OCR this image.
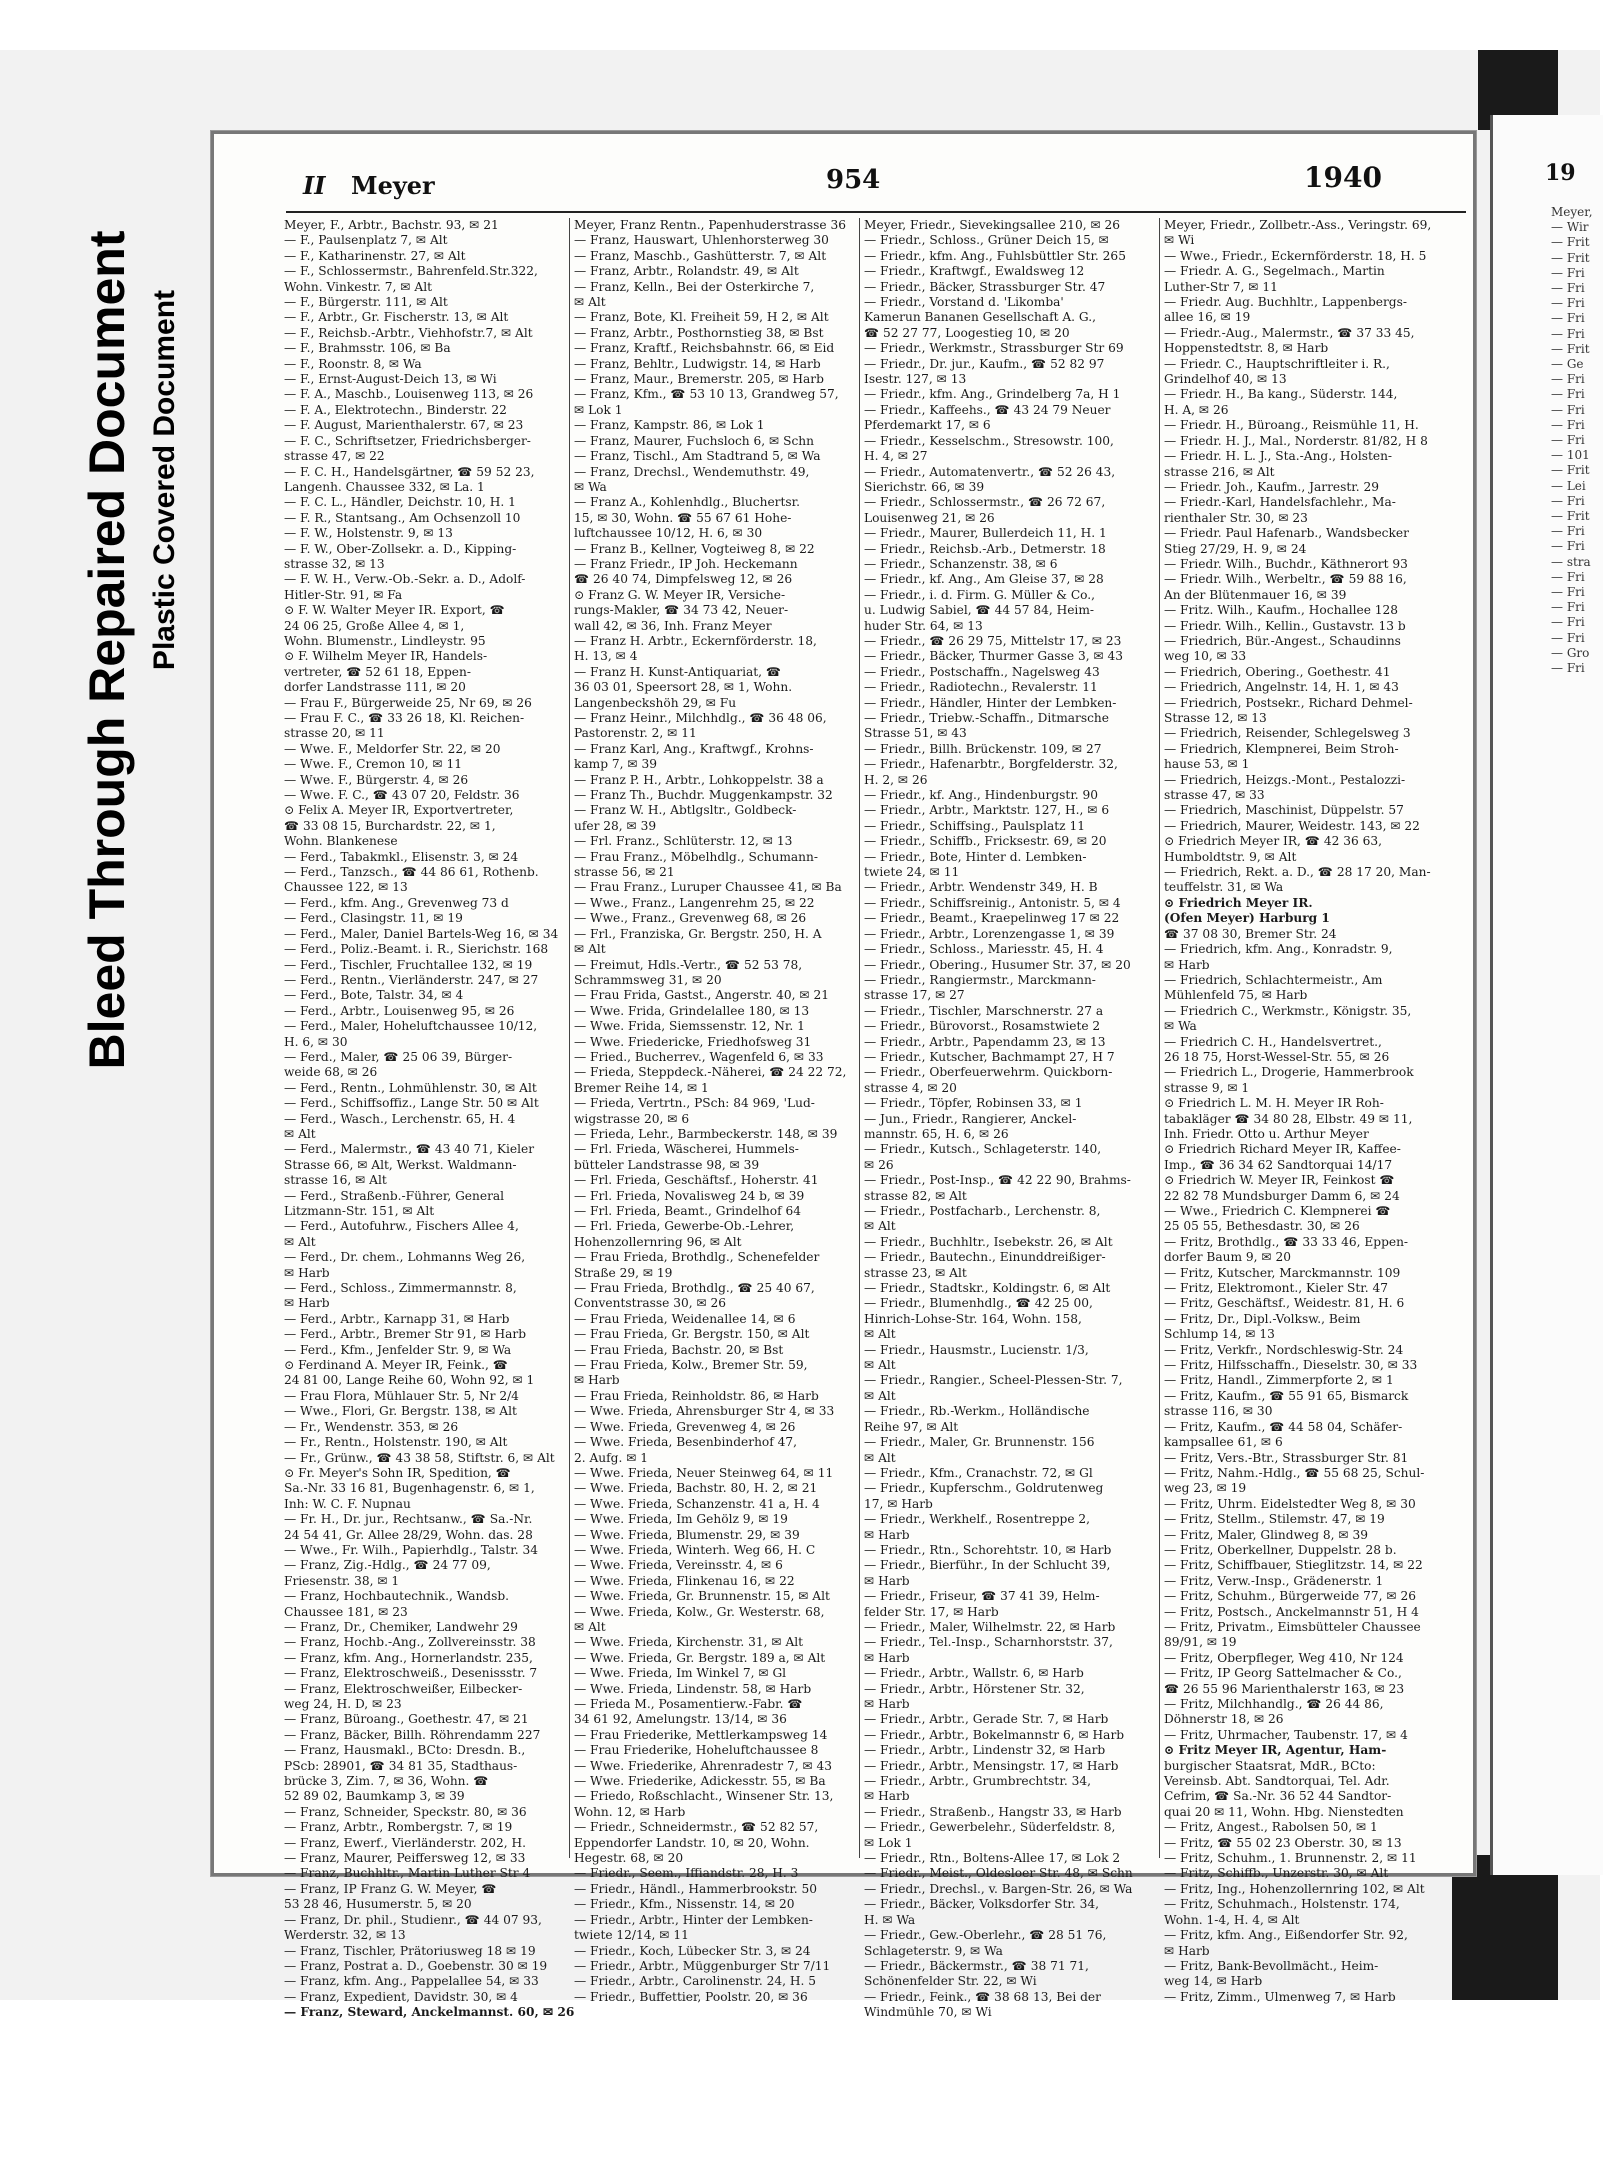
19
Meyer,
— Wir
— Frit
— Frit
— Fri
— Fri
— Fri
— Fri
— Fri
— Frit
— Ge
— Fri
— Fri
— Fri
— Fri
— Fri
— 101
— Frit
— Lei
— Fri
— Frit
— Fri
— Fri
— stra
— Fri
— Fri
— Fri
— Fri
— Fri
— Gro
— Fri
Bleed Through Repaired Document Plastic Covered Document
II Meyer	954	1940

Meyer, F., Arbtr., Bachstr. 93, ✉ 21

— F., Paulsenplatz 7, ✉ Alt

— F., Katharinenstr. 27, ✉ Alt

— F., Schlossermstr., Bahrenfeld.Str.322,

Wohn. Vinkestr. 7, ✉ Alt

— F., Bürgerstr. 111, ✉ Alt

— F., Arbtr., Gr. Fischerstr. 13, ✉ Alt

— F., Reichsb.-Arbtr., Viehhofstr.7, ✉ Alt

— F., Brahmsstr. 106, ✉ Ba

— F., Roonstr. 8, ✉ Wa

— F., Ernst-August-Deich 13, ✉ Wi

— F. A., Maschb., Louisenweg 113, ✉ 26

— F. A., Elektrotechn., Binderstr. 22

— F. August, Marienthalerstr. 67, ✉ 23

— F. C., Schriftsetzer, Friedrichsberger-

strasse 47, ✉ 22

— F. C. H., Handelsgärtner, ☎ 59 52 23,

Langenh. Chaussee 332, ✉ La. 1

— F. C. L., Händler, Deichstr. 10, H. 1

— F. R., Stantsang., Am Ochsenzoll 10

— F. W., Holstenstr. 9, ✉ 13

— F. W., Ober-Zollsekr. a. D., Kipping-

strasse 32, ✉ 13

— F. W. H., Verw.-Ob.-Sekr. a. D., Adolf-

Hitler-Str. 91, ✉ Fa

⊙ F. W. Walter Meyer IR. Export, ☎

24 06 25, Große Allee 4, ✉ 1,

Wohn. Blumenstr., Lindleystr. 95

⊙ F. Wilhelm Meyer IR, Handels-

vertreter, ☎ 52 61 18, Eppen-

dorfer Landstrasse 111, ✉ 20

— Frau F., Bürgerweide 25, Nr 69, ✉ 26

— Frau F. C., ☎ 33 26 18, Kl. Reichen-

strasse 20, ✉ 11

— Wwe. F., Meldorfer Str. 22, ✉ 20

— Wwe. F., Cremon 10, ✉ 11

— Wwe. F., Bürgerstr. 4, ✉ 26

— Wwe. F. C., ☎ 43 07 20, Feldstr. 36

⊙ Felix A. Meyer IR, Exportvertreter,

☎ 33 08 15, Burchardstr. 22, ✉ 1,

Wohn. Blankenese

— Ferd., Tabakmkl., Elisenstr. 3, ✉ 24

— Ferd., Tanzsch., ☎ 44 86 61, Rothenb.

Chaussee 122, ✉ 13

— Ferd., kfm. Ang., Grevenweg 73 d

— Ferd., Clasingstr. 11, ✉ 19

— Ferd., Maler, Daniel Bartels-Weg 16, ✉ 34

— Ferd., Poliz.-Beamt. i. R., Sierichstr. 168

— Ferd., Tischler, Fruchtallee 132, ✉ 19

— Ferd., Rentn., Vierländerstr. 247, ✉ 27

— Ferd., Bote, Talstr. 34, ✉ 4

— Ferd., Arbtr., Louisenweg 95, ✉ 26

— Ferd., Maler, Hoheluftchaussee 10/12,

H. 6, ✉ 30

— Ferd., Maler, ☎ 25 06 39, Bürger-

weide 68, ✉ 26

— Ferd., Rentn., Lohmühlenstr. 30, ✉ Alt

— Ferd., Schiffsoffiz., Lange Str. 50 ✉ Alt

— Ferd., Wasch., Lerchenstr. 65, H. 4

✉ Alt

— Ferd., Malermstr., ☎ 43 40 71, Kieler

Strasse 66, ✉ Alt, Werkst. Waldmann-

strasse 16, ✉ Alt

— Ferd., Straßenb.-Führer, General

Litzmann-Str. 151, ✉ Alt

— Ferd., Autofuhrw., Fischers Allee 4,

✉ Alt

— Ferd., Dr. chem., Lohmanns Weg 26,

✉ Harb

— Ferd., Schloss., Zimmermannstr. 8,

✉ Harb

— Ferd., Arbtr., Karnapp 31, ✉ Harb

— Ferd., Arbtr., Bremer Str 91, ✉ Harb

— Ferd., Kfm., Jenfelder Str. 9, ✉ Wa

⊙ Ferdinand A. Meyer IR, Feink., ☎

24 81 00, Lange Reihe 60, Wohn 92, ✉ 1

— Frau Flora, Mühlauer Str. 5, Nr 2/4

— Wwe., Flori, Gr. Bergstr. 138, ✉ Alt

— Fr., Wendenstr. 353, ✉ 26

— Fr., Rentn., Holstenstr. 190, ✉ Alt

— Fr., Grünw., ☎ 43 38 58, Stiftstr. 6, ✉ Alt

⊙ Fr. Meyer's Sohn IR, Spedition, ☎

Sa.-Nr. 33 16 81, Bugenhagenstr. 6, ✉ 1,

Inh: W. C. F. Nupnau

— Fr. H., Dr. jur., Rechtsanw., ☎ Sa.-Nr.

24 54 41, Gr. Allee 28/29, Wohn. das. 28

— Wwe., Fr. Wilh., Papierhdlg., Talstr. 34

— Franz, Zig.-Hdlg., ☎ 24 77 09,

Friesenstr. 38, ✉ 1

— Franz, Hochbautechnik., Wandsb.

Chaussee 181, ✉ 23

— Franz, Dr., Chemiker, Landwehr 29

— Franz, Hochb.-Ang., Zollvereinsstr. 38

— Franz, kfm. Ang., Hornerlandstr. 235,

— Franz, Elektroschweiß., Desenissstr. 7

— Franz, Elektroschweißer, Eilbecker-

weg 24, H. D, ✉ 23

— Franz, Büroang., Goethestr. 47, ✉ 21

— Franz, Bäcker, Billh. Röhrendamm 227

— Franz, Hausmakl., BCto: Dresdn. B.,

PScb: 28901, ☎ 34 81 35, Stadthaus-

brücke 3, Zim. 7, ✉ 36, Wohn. ☎

52 89 02, Baumkamp 3, ✉ 39

— Franz, Schneider, Speckstr. 80, ✉ 36

— Franz, Arbtr., Rombergstr. 7, ✉ 19

— Franz, Ewerf., Vierländerstr. 202, H.

— Franz, Maurer, Peiffersweg 12, ✉ 33

— Franz, Buchhltr., Martin Luther Str 4

— Franz, IP Franz G. W. Meyer, ☎

53 28 46, Husumerstr. 5, ✉ 20

— Franz, Dr. phil., Studienr., ☎ 44 07 93,

Werderstr. 32, ✉ 13

— Franz, Tischler, Prätoriusweg 18 ✉ 19

— Franz, Postrat a. D., Goebenstr. 30 ✉ 19

— Franz, kfm. Ang., Pappelallee 54, ✉ 33

— Franz, Expedient, Davidstr. 30, ✉ 4

— Franz, Steward, Anckelmannst. 60, ✉ 26

Meyer, Franz Rentn., Papenhuderstrasse 36

— Franz, Hauswart, Uhlenhorsterweg 30

— Franz, Maschb., Gashütterstr. 7, ✉ Alt

— Franz, Arbtr., Rolandstr. 49, ✉ Alt

— Franz, Kelln., Bei der Osterkirche 7,

✉ Alt

— Franz, Bote, Kl. Freiheit 59, H 2, ✉ Alt

— Franz, Arbtr., Posthornstieg 38, ✉ Bst

— Franz, Kraftf., Reichsbahnstr. 66, ✉ Eid

— Franz, Behltr., Ludwigstr. 14, ✉ Harb

— Franz, Maur., Bremerstr. 205, ✉ Harb

— Franz, Kfm., ☎ 53 10 13, Grandweg 57,

✉ Lok 1

— Franz, Kampstr. 86, ✉ Lok 1

— Franz, Maurer, Fuchsloch 6, ✉ Schn

— Franz, Tischl., Am Stadtrand 5, ✉ Wa

— Franz, Drechsl., Wendemuthstr. 49,

✉ Wa

— Franz A., Kohlenhdlg., Bluchertsr.

15, ✉ 30, Wohn. ☎ 55 67 61 Hohe-

luftchaussee 10/12, H. 6, ✉ 30

— Franz B., Kellner, Vogteiweg 8, ✉ 22

— Franz Friedr., IP Joh. Heckemann

☎ 26 40 74, Dimpfelsweg 12, ✉ 26

⊙ Franz G. W. Meyer IR, Versiche-

rungs-Makler, ☎ 34 73 42, Neuer-

wall 42, ✉ 36, Inh. Franz Meyer

— Franz H. Arbtr., Eckernförderstr. 18,

H. 13, ✉ 4

— Franz H. Kunst-Antiquariat, ☎

36 03 01, Speersort 28, ✉ 1, Wohn.

Langenbeckshöh 29, ✉ Fu

— Franz Heinr., Milchhdlg., ☎ 36 48 06,

Pastorenstr. 2, ✉ 11

— Franz Karl, Ang., Kraftwgf., Krohns-

kamp 7, ✉ 39

— Franz P. H., Arbtr., Lohkoppelstr. 38 a

— Franz Th., Buchdr. Muggenkampstr. 32

— Franz W. H., Abtlgsltr., Goldbeck-

ufer 28, ✉ 39

— Frl. Franz., Schlüterstr. 12, ✉ 13

— Frau Franz., Möbelhdlg., Schumann-

strasse 56, ✉ 21

— Frau Franz., Luruper Chaussee 41, ✉ Ba

— Wwe., Franz., Langenrehm 25, ✉ 22

— Wwe., Franz., Grevenweg 68, ✉ 26

— Frl., Franziska, Gr. Bergstr. 250, H. A

✉ Alt

— Freimut, Hdls.-Vertr., ☎ 52 53 78,

Schrammsweg 31, ✉ 20

— Frau Frida, Gastst., Angerstr. 40, ✉ 21

— Wwe. Frida, Grindelallee 180, ✉ 13

— Wwe. Frida, Siemssenstr. 12, Nr. 1

— Wwe. Friedericke, Friedhofsweg 31

— Fried., Bucherrev., Wagenfeld 6, ✉ 33

— Frieda, Steppdeck.-Näherei, ☎ 24 22 72,

Bremer Reihe 14, ✉ 1

— Frieda, Vertrtn., PSch: 84 969, 'Lud-

wigstrasse 20, ✉ 6

— Frieda, Lehr., Barmbeckerstr. 148, ✉ 39

— Frl. Frieda, Wäscherei, Hummels-

bütteler Landstrasse 98, ✉ 39

— Frl. Frieda, Geschäftsf., Hoherstr. 41

— Frl. Frieda, Novalisweg 24 b, ✉ 39

— Frl. Frieda, Beamt., Grindelhof 64

— Frl. Frieda, Gewerbe-Ob.-Lehrer,

Hohenzollernring 96, ✉ Alt

— Frau Frieda, Brothdlg., Schenefelder

Straße 29, ✉ 19

— Frau Frieda, Brothdlg., ☎ 25 40 67,

Conventstrasse 30, ✉ 26

— Frau Frieda, Weidenallee 14, ✉ 6

— Frau Frieda, Gr. Bergstr. 150, ✉ Alt

— Frau Frieda, Bachstr. 20, ✉ Bst

— Frau Frieda, Kolw., Bremer Str. 59,

✉ Harb

— Frau Frieda, Reinholdstr. 86, ✉ Harb

— Wwe. Frieda, Ahrensburger Str 4, ✉ 33

— Wwe. Frieda, Grevenweg 4, ✉ 26

— Wwe. Frieda, Besenbinderhof 47,

2. Aufg. ✉ 1

— Wwe. Frieda, Neuer Steinweg 64, ✉ 11

— Wwe. Frieda, Bachstr. 80, H. 2, ✉ 21

— Wwe. Frieda, Schanzenstr. 41 a, H. 4

— Wwe. Frieda, Im Gehölz 9, ✉ 19

— Wwe. Frieda, Blumenstr. 29, ✉ 39

— Wwe. Frieda, Winterh. Weg 66, H. C

— Wwe. Frieda, Vereinsstr. 4, ✉ 6

— Wwe. Frieda, Flinkenau 16, ✉ 22

— Wwe. Frieda, Gr. Brunnenstr. 15, ✉ Alt

— Wwe. Frieda, Kolw., Gr. Westerstr. 68,

✉ Alt

— Wwe. Frieda, Kirchenstr. 31, ✉ Alt

— Wwe. Frieda, Gr. Bergstr. 189 a, ✉ Alt

— Wwe. Frieda, Im Winkel 7, ✉ Gl

— Wwe. Frieda, Lindenstr. 58, ✉ Harb

— Frieda M., Posamentierw.-Fabr. ☎

34 61 92, Amelungstr. 13/14, ✉ 36

— Frau Friederike, Mettlerkampsweg 14

— Frau Friederike, Hoheluftchaussee 8

— Wwe. Friederike, Ahrenradestr 7, ✉ 43

— Wwe. Friederike, Adickesstr. 55, ✉ Ba

— Friedo, Roßschlacht., Winsener Str. 13,

Wohn. 12, ✉ Harb

— Friedr., Schneidermstr., ☎ 52 82 57,

Eppendorfer Landstr. 10, ✉ 20, Wohn.

Hegestr. 68, ✉ 20

— Friedr., Seem., Iffiandstr. 28, H. 3

— Friedr., Händl., Hammerbrookstr. 50

— Friedr., Kfm., Nissenstr. 14, ✉ 20

— Friedr., Arbtr., Hinter der Lembken-

twiete 12/14, ✉ 11

— Friedr., Koch, Lübecker Str. 3, ✉ 24

— Friedr., Arbtr., Müggenburger Str 7/11

— Friedr., Arbtr., Carolinenstr. 24, H. 5

— Friedr., Buffettier, Poolstr. 20, ✉ 36

Meyer, Friedr., Sievekingsallee 210, ✉ 26

— Friedr., Schloss., Grüner Deich 15, ✉

— Friedr., kfm. Ang., Fuhlsbüttler Str. 265

— Friedr., Kraftwgf., Ewaldsweg 12

— Friedr., Bäcker, Strassburger Str. 47

— Friedr., Vorstand d. 'Likomba'

Kamerun Bananen Gesellschaft A. G.,

☎ 52 27 77, Loogestieg 10, ✉ 20

— Friedr., Werkmstr., Strassburger Str 69

— Friedr., Dr. jur., Kaufm., ☎ 52 82 97

Isestr. 127, ✉ 13

— Friedr., kfm. Ang., Grindelberg 7a, H 1

— Friedr., Kaffeehs., ☎ 43 24 79 Neuer

Pferdemarkt 17, ✉ 6

— Friedr., Kesselschm., Stresowstr. 100,

H. 4, ✉ 27

— Friedr., Automatenvertr., ☎ 52 26 43,

Sierichstr. 66, ✉ 39

— Friedr., Schlossermstr., ☎ 26 72 67,

Louisenweg 21, ✉ 26

— Friedr., Maurer, Bullerdeich 11, H. 1

— Friedr., Reichsb.-Arb., Detmerstr. 18

— Friedr., Schanzenstr. 38, ✉ 6

— Friedr., kf. Ang., Am Gleise 37, ✉ 28

— Friedr., i. d. Firm. G. Müller & Co.,

u. Ludwig Sabiel, ☎ 44 57 84, Heim-

huder Str. 64, ✉ 13

— Friedr., ☎ 26 29 75, Mittelstr 17, ✉ 23

— Friedr., Bäcker, Thurmer Gasse 3, ✉ 43

— Friedr., Postschaffn., Nagelsweg 43

— Friedr., Radiotechn., Revalerstr. 11

— Friedr., Händler, Hinter der Lembken-

— Friedr., Triebw.-Schaffn., Ditmarsche

Strasse 51, ✉ 43

— Friedr., Billh. Brückenstr. 109, ✉ 27

— Friedr., Hafenarbtr., Borgfelderstr. 32,

H. 2, ✉ 26

— Friedr., kf. Ang., Hindenburgstr. 90

— Friedr., Arbtr., Marktstr. 127, H., ✉ 6

— Friedr., Schiffsing., Paulsplatz 11

— Friedr., Schiffb., Fricksestr. 69, ✉ 20

— Friedr., Bote, Hinter d. Lembken-

twiete 24, ✉ 11

— Friedr., Arbtr. Wendenstr 349, H. B

— Friedr., Schiffsreinig., Antonistr. 5, ✉ 4

— Friedr., Beamt., Kraepelinweg 17 ✉ 22

— Friedr., Arbtr., Lorenzengasse 1, ✉ 39

— Friedr., Schloss., Mariesstr. 45, H. 4

— Friedr., Obering., Husumer Str. 37, ✉ 20

— Friedr., Rangiermstr., Marckmann-

strasse 17, ✉ 27

— Friedr., Tischler, Marschnerstr. 27 a

— Friedr., Bürovorst., Rosamstwiete 2

— Friedr., Arbtr., Papendamm 23, ✉ 13

— Friedr., Kutscher, Bachmampt 27, H 7

— Friedr., Oberfeuerwehrm. Quickborn-

strasse 4, ✉ 20

— Friedr., Töpfer, Robinsen 33, ✉ 1

— Jun., Friedr., Rangierer, Anckel-

mannstr. 65, H. 6, ✉ 26

— Friedr., Kutsch., Schlageterstr. 140,

✉ 26

— Friedr., Post-Insp., ☎ 42 22 90, Brahms-

strasse 82, ✉ Alt

— Friedr., Postfacharb., Lerchenstr. 8,

✉ Alt

— Friedr., Buchhltr., Isebekstr. 26, ✉ Alt

— Friedr., Bautechn., Einunddreißiger-

strasse 23, ✉ Alt

— Friedr., Stadtskr., Koldingstr. 6, ✉ Alt

— Friedr., Blumenhdlg., ☎ 42 25 00,

Hinrich-Lohse-Str. 164, Wohn. 158,

✉ Alt

— Friedr., Hausmstr., Lucienstr. 1/3,

✉ Alt

— Friedr., Rangier., Scheel-Plessen-Str. 7,

✉ Alt

— Friedr., Rb.-Werkm., Holländische

Reihe 97, ✉ Alt

— Friedr., Maler, Gr. Brunnenstr. 156

✉ Alt

— Friedr., Kfm., Cranachstr. 72, ✉ Gl

— Friedr., Kupferschm., Goldrutenweg

17, ✉ Harb

— Friedr., Werkhelf., Rosentreppe 2,

✉ Harb

— Friedr., Rtn., Schorehtstr. 10, ✉ Harb

— Friedr., Bierführ., In der Schlucht 39,

✉ Harb

— Friedr., Friseur, ☎ 37 41 39, Helm-

felder Str. 17, ✉ Harb

— Friedr., Maler, Wilhelmstr. 22, ✉ Harb

— Friedr., Tel.-Insp., Scharnhorststr. 37,

✉ Harb

— Friedr., Arbtr., Wallstr. 6, ✉ Harb

— Friedr., Arbtr., Hörstener Str. 32,

✉ Harb

— Friedr., Arbtr., Gerade Str. 7, ✉ Harb

— Friedr., Arbtr., Bokelmannstr 6, ✉ Harb

— Friedr., Arbtr., Lindenstr 32, ✉ Harb

— Friedr., Arbtr., Mensingstr. 17, ✉ Harb

— Friedr., Arbtr., Grumbrechtstr. 34,

✉ Harb

— Friedr., Straßenb., Hangstr 33, ✉ Harb

— Friedr., Gewerbelehr., Süderfeldstr. 8,

✉ Lok 1

— Friedr., Rtn., Boltens-Allee 17, ✉ Lok 2

— Friedr., Meist., Oldesloer Str. 48, ✉ Schn

— Friedr., Drechsl., v. Bargen-Str. 26, ✉ Wa

— Friedr., Bäcker, Volksdorfer Str. 34,

H. ✉ Wa

— Friedr., Gew.-Oberlehr., ☎ 28 51 76,

Schlageterstr. 9, ✉ Wa

— Friedr., Bäckermstr., ☎ 38 71 71,

Schönenfelder Str. 22, ✉ Wi

— Friedr., Feink., ☎ 38 68 13, Bei der

Windmühle 70, ✉ Wi

Meyer, Friedr., Zollbetr.-Ass., Veringstr. 69,

✉ Wi

— Wwe., Friedr., Eckernförderstr. 18, H. 5

— Friedr. A. G., Segelmach., Martin

Luther-Str 7, ✉ 11

— Friedr. Aug. Buchhltr., Lappenbergs-

allee 16, ✉ 19

— Friedr.-Aug., Malermstr., ☎ 37 33 45,

Hoppenstedtstr. 8, ✉ Harb

— Friedr. C., Hauptschriftleiter i. R.,

Grindelhof 40, ✉ 13

— Friedr. H., Ba kang., Süderstr. 144,

H. A, ✉ 26

— Friedr. H., Büroang., Reismühle 11, H.

— Friedr. H. J., Mal., Norderstr. 81/82, H 8

— Friedr. H. L. J., Sta.-Ang., Holsten-

strasse 216, ✉ Alt

— Friedr. Joh., Kaufm., Jarrestr. 29

— Friedr.-Karl, Handelsfachlehr., Ma-

rienthaler Str. 30, ✉ 23

— Friedr. Paul Hafenarb., Wandsbecker

Stieg 27/29, H. 9, ✉ 24

— Friedr. Wilh., Buchdr., Käthnerort 93

— Friedr. Wilh., Werbeltr., ☎ 59 88 16,

An der Blütenmauer 16, ✉ 39

— Fritz. Wilh., Kaufm., Hochallee 128

— Friedr. Wilh., Kellin., Gustavstr. 13 b

— Friedrich, Bür.-Angest., Schaudinns

weg 10, ✉ 33

— Friedrich, Obering., Goethestr. 41

— Friedrich, Angelnstr. 14, H. 1, ✉ 43

— Friedrich, Postsekr., Richard Dehmel-

Strasse 12, ✉ 13

— Friedrich, Reisender, Schlegelsweg 3

— Friedrich, Klempnerei, Beim Stroh-

hause 53, ✉ 1

— Friedrich, Heizgs.-Mont., Pestalozzi-

strasse 47, ✉ 33

— Friedrich, Maschinist, Düppelstr. 57

— Friedrich, Maurer, Weidestr. 143, ✉ 22

⊙ Friedrich Meyer IR, ☎ 42 36 63,

Humboldtstr. 9, ✉ Alt

— Friedrich, Rekt. a. D., ☎ 28 17 20, Man-

teuffelstr. 31, ✉ Wa

⊙ Friedrich Meyer IR.

(Ofen Meyer) Harburg 1

☎ 37 08 30, Bremer Str. 24

— Friedrich, kfm. Ang., Konradstr. 9,

✉ Harb

— Friedrich, Schlachtermeistr., Am

Mühlenfeld 75, ✉ Harb

— Friedrich C., Werkmstr., Königstr. 35,

✉ Wa

— Friedrich C. H., Handelsvertret.,

26 18 75, Horst-Wessel-Str. 55, ✉ 26

— Friedrich L., Drogerie, Hammerbrook

strasse 9, ✉ 1

⊙ Friedrich L. M. H. Meyer IR Roh-

tabakläger ☎ 34 80 28, Elbstr. 49 ✉ 11,

Inh. Friedr. Otto u. Arthur Meyer

⊙ Friedrich Richard Meyer IR, Kaffee-

Imp., ☎ 36 34 62 Sandtorquai 14/17

⊙ Friedrich W. Meyer IR, Feinkost ☎

22 82 78 Mundsburger Damm 6, ✉ 24

— Wwe., Friedrich C. Klempnerei ☎

25 05 55, Bethesdastr. 30, ✉ 26

— Fritz, Brothdlg., ☎ 33 33 46, Eppen-

dorfer Baum 9, ✉ 20

— Fritz, Kutscher, Marckmannstr. 109

— Fritz, Elektromont., Kieler Str. 47

— Fritz, Geschäftsf., Weidestr. 81, H. 6

— Fritz, Dr., Dipl.-Volksw., Beim

Schlump 14, ✉ 13

— Fritz, Verkfr., Nordschleswig-Str. 24

— Fritz, Hilfsschaffn., Dieselstr. 30, ✉ 33

— Fritz, Handl., Zimmerpforte 2, ✉ 1

— Fritz, Kaufm., ☎ 55 91 65, Bismarck

strasse 116, ✉ 30

— Fritz, Kaufm., ☎ 44 58 04, Schäfer-

kampsallee 61, ✉ 6

— Fritz, Vers.-Btr., Strassburger Str. 81

— Fritz, Nahm.-Hdlg., ☎ 55 68 25, Schul-

weg 23, ✉ 19

— Fritz, Uhrm. Eidelstedter Weg 8, ✉ 30

— Fritz, Stellm., Stilemstr. 47, ✉ 19

— Fritz, Maler, Glindweg 8, ✉ 39

— Fritz, Oberkellner, Duppelstr. 28 b.

— Fritz, Schiffbauer, Stieglitzstr. 14, ✉ 22

— Fritz, Verw.-Insp., Grädenerstr. 1

— Fritz, Schuhm., Bürgerweide 77, ✉ 26

— Fritz, Postsch., Anckelmannstr 51, H 4

— Fritz, Privatm., Eimsbütteler Chaussee

89/91, ✉ 19

— Fritz, Oberpfleger, Weg 410, Nr 124

— Fritz, IP Georg Sattelmacher & Co.,

☎ 26 55 96 Marienthalerstr 163, ✉ 23

— Fritz, Milchhandlg., ☎ 26 44 86,

Döhnerstr 18, ✉ 26

— Fritz, Uhrmacher, Taubenstr. 17, ✉ 4

⊙ Fritz Meyer IR, Agentur, Ham-

burgischer Staatsrat, MdR., BCto:

Vereinsb. Abt. Sandtorquai, Tel. Adr.

Cefrim, ☎ Sa.-Nr. 36 52 44 Sandtor-

quai 20 ✉ 11, Wohn. Hbg. Nienstedten

— Fritz, Angest., Rabolsen 50, ✉ 1

— Fritz, ☎ 55 02 23 Oberstr. 30, ✉ 13

— Fritz, Schuhm., 1. Brunnenstr. 2, ✉ 11

— Fritz, Schiffb., Unzerstr. 30, ✉ Alt

— Fritz, Ing., Hohenzollernring 102, ✉ Alt

— Fritz, Schuhmach., Holstenstr. 174,

Wohn. 1-4, H. 4, ✉ Alt

— Fritz, kfm. Ang., Eißendorfer Str. 92,

✉ Harb

— Fritz, Bank-Bevollmächt., Heim-

weg 14, ✉ Harb

— Fritz, Zimm., Ulmenweg 7, ✉ Harb
